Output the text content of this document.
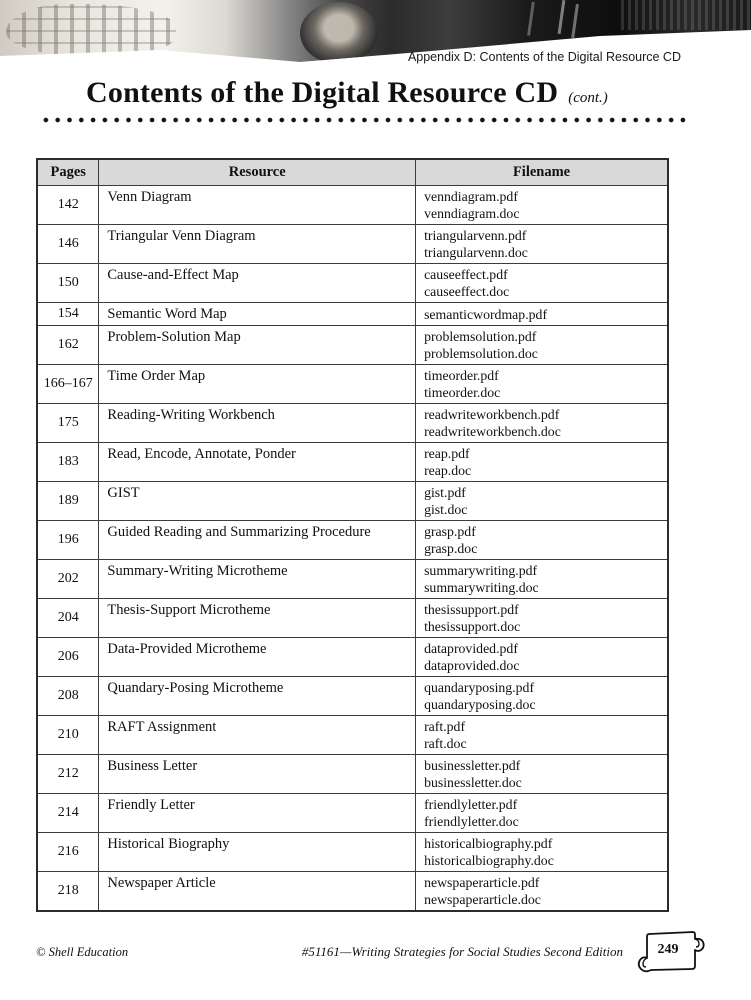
Appendix D: Contents of the Digital Resource CD
Contents of the Digital Resource CD (cont.)
Pages	Resource	Filename
142	Venn Diagram	venndiagram.pdf
venndiagram.doc

146	Triangular Venn Diagram	triangularvenn.pdf
triangularvenn.doc

150	Cause-and-Effect Map	causeeffect.pdf
causeeffect.doc

154	Semantic Word Map	semanticwordmap.pdf

162	Problem-Solution Map	problemsolution.pdf
problemsolution.doc

166–167	Time Order Map	timeorder.pdf
timeorder.doc

175	Reading-Writing Workbench	readwriteworkbench.pdf
readwriteworkbench.doc

183	Read, Encode, Annotate, Ponder	reap.pdf
reap.doc

189	GIST	gist.pdf
gist.doc

196	Guided Reading and Summarizing Procedure	grasp.pdf
grasp.doc

202	Summary-Writing Microtheme	summarywriting.pdf
summarywriting.doc

204	Thesis-Support Microtheme	thesissupport.pdf
thesissupport.doc

206	Data-Provided Microtheme	dataprovided.pdf
dataprovided.doc

208	Quandary-Posing Microtheme	quandaryposing.pdf
quandaryposing.doc

210	RAFT Assignment	raft.pdf
raft.doc

212	Business Letter	businessletter.pdf
businessletter.doc

214	Friendly Letter	friendlyletter.pdf
friendlyletter.doc

216	Historical Biography	historicalbiography.pdf
historicalbiography.doc

218	Newspaper Article	newspaperarticle.pdf
newspaperarticle.doc
© Shell Education	#51161—Writing Strategies for Social Studies Second Edition	249
